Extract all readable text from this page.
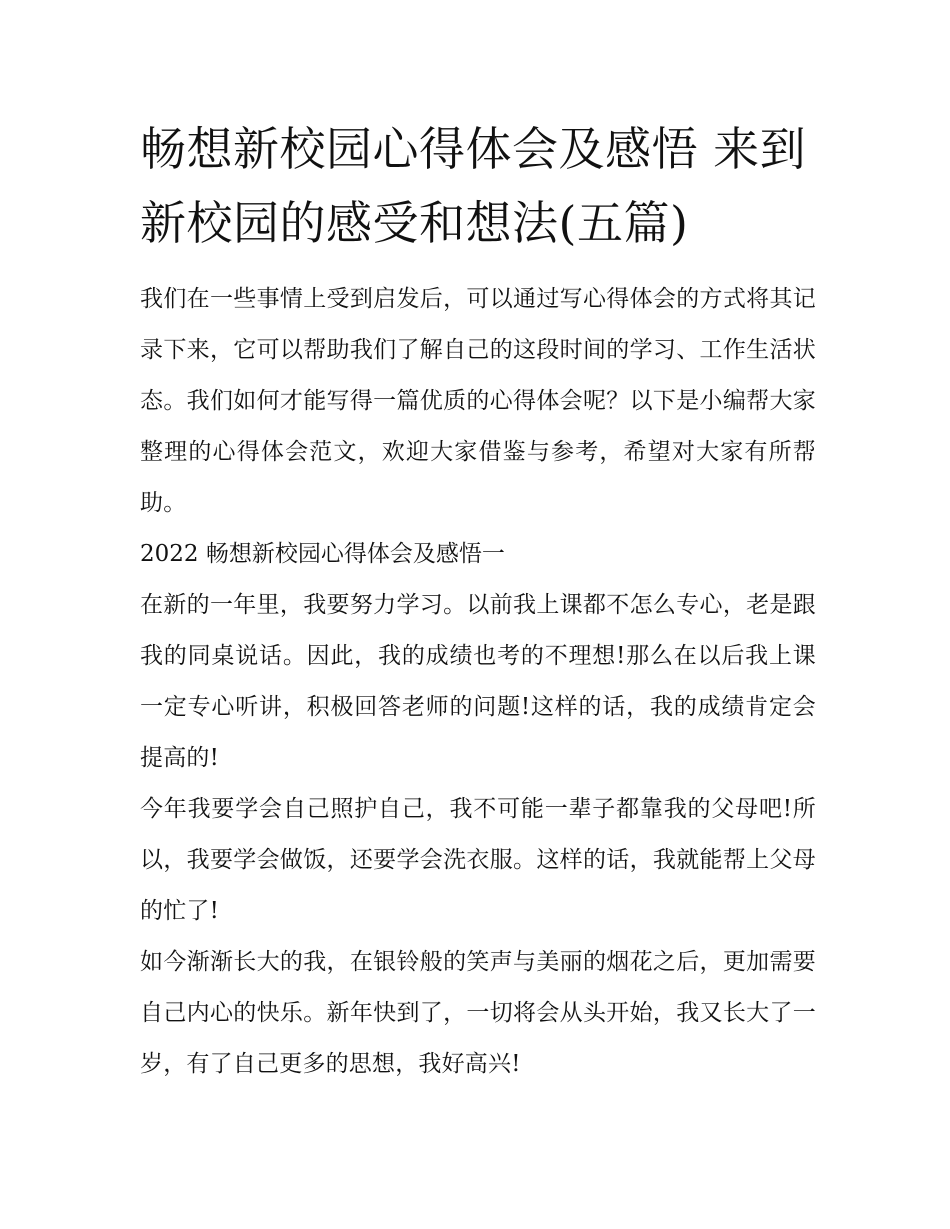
畅想新校园心得体会及感悟 来到新校园的感受和想法(五篇)

我们在一些事情上受到启发后，可以通过写心得体会的方式将其记录下来，它可以帮助我们了解自己的这段时间的学习、工作生活状态。我们如何才能写得一篇优质的心得体会呢？以下是小编帮大家整理的心得体会范文，欢迎大家借鉴与参考，希望对大家有所帮助。

2022 畅想新校园心得体会及感悟一

在新的一年里，我要努力学习。以前我上课都不怎么专心，老是跟我的同桌说话。因此，我的成绩也考的不理想!那么在以后我上课一定专心听讲，积极回答老师的问题!这样的话，我的成绩肯定会提高的!

今年我要学会自己照护自己，我不可能一辈子都靠我的父母吧!所以，我要学会做饭，还要学会洗衣服。这样的话，我就能帮上父母的忙了!

如今渐渐长大的我，在银铃般的笑声与美丽的烟花之后，更加需要自己内心的快乐。新年快到了，一切将会从头开始，我又长大了一岁，有了自己更多的思想，我好高兴!
